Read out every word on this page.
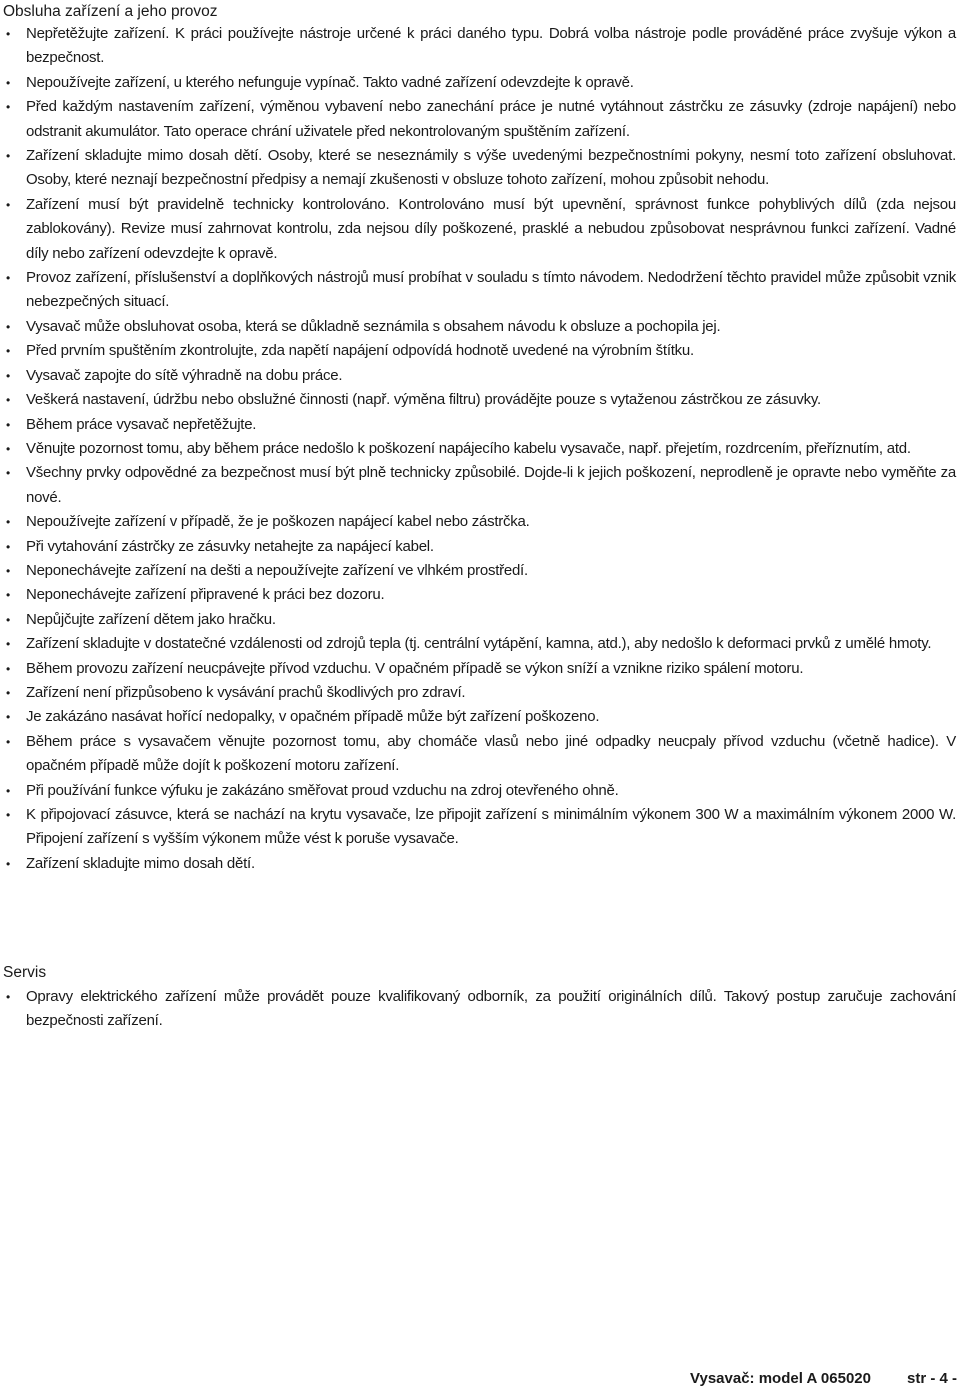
Obsluha zařízení a jeho provoz
• Nepřetěžujte zařízení. K práci používejte nástroje určené k práci daného typu. Dobrá volba nástroje podle prováděné práce zvyšuje výkon a bezpečnost.
• Nepoužívejte zařízení, u kterého nefunguje vypínač. Takto vadné zařízení odevzdejte k opravě.
• Před každým nastavením zařízení, výměnou vybavení nebo zanechání práce je nutné vytáhnout zástrčku ze zásuvky (zdroje napájení) nebo odstranit akumulátor. Tato operace chrání uživatele před nekontrolovaným spuštěním zařízení.
• Zařízení skladujte mimo dosah dětí. Osoby, které se neseznámily s výše uvedenými bezpečnostními pokyny, nesmí toto zařízení obsluhovat. Osoby, které neznají bezpečnostní předpisy a nemají zkušenosti v obsluze tohoto zařízení, mohou způsobit nehodu.
• Zařízení musí být pravidelně technicky kontrolováno. Kontrolováno musí být upevnění, správnost funkce pohyblivých dílů (zda nejsou zablokovány). Revize musí zahrnovat kontrolu, zda nejsou díly poškozené, prasklé a nebudou způsobovat nesprávnou funkci zařízení. Vadné díly nebo zařízení odevzdejte k opravě.
• Provoz zařízení, příslušenství a doplňkových nástrojů musí probíhat v souladu s tímto návodem. Nedodržení těchto pravidel může způsobit vznik nebezpečných situací.
• Vysavač může obsluhovat osoba, která se důkladně seznámila s obsahem návodu k obsluze a pochopila jej.
• Před prvním spuštěním zkontrolujte, zda napětí napájení odpovídá hodnotě uvedené na výrobním štítku.
• Vysavač zapojte do sítě výhradně na dobu práce.
• Veškerá nastavení, údržbu nebo obslužné činnosti (např. výměna filtru) provádějte pouze s vytaženou zástrčkou ze zásuvky.
• Během práce vysavač nepřetěžujte.
• Věnujte pozornost tomu, aby během práce nedošlo k poškození napájecího kabelu vysavače, např. přejetím, rozdrcením, přeříznutím, atd.
• Všechny prvky odpovědné za bezpečnost musí být plně technicky způsobilé. Dojde-li k jejich poškození, neprodleně je opravte nebo vyměňte za nové.
• Nepoužívejte zařízení v případě, že je poškozen napájecí kabel nebo zástrčka.
• Při vytahování zástrčky ze zásuvky netahejte za napájecí kabel.
• Neponechávejte zařízení na dešti a nepoužívejte zařízení ve vlhkém prostředí.
• Neponechávejte zařízení připravené k práci bez dozoru.
• Nepůjčujte zařízení dětem jako hračku.
• Zařízení skladujte v dostatečné vzdálenosti od zdrojů tepla (tj. centrální vytápění, kamna, atd.), aby nedošlo k deformaci prvků z umělé hmoty.
• Během provozu zařízení neucpávejte přívod vzduchu. V opačném případě se výkon sníží a vznikne riziko spálení motoru.
• Zařízení není přizpůsobeno k vysávání prachů škodlivých pro zdraví.
• Je zakázáno nasávat hořící nedopalky, v opačném případě může být zařízení poškozeno.
• Během práce s vysavačem věnujte pozornost tomu, aby chomáče vlasů nebo jiné odpadky neucpaly přívod vzduchu (včetně hadice). V opačném případě může dojít k poškození motoru zařízení.
• Při používání funkce výfuku je zakázáno směřovat proud vzduchu na zdroj otevřeného ohně.
• K připojovací zásuvce, která se nachází na krytu vysavače, lze připojit zařízení s minimálním výkonem 300 W a maximálním výkonem 2000 W. Připojení zařízení s vyšším výkonem může vést k poruše vysavače.
• Zařízení skladujte mimo dosah dětí.
Servis
• Opravy elektrického zařízení může provádět pouze kvalifikovaný odborník, za použití originálních dílů. Takový postup zaručuje zachování bezpečnosti zařízení.
Vysavač: model A 065020 str - 4 -
